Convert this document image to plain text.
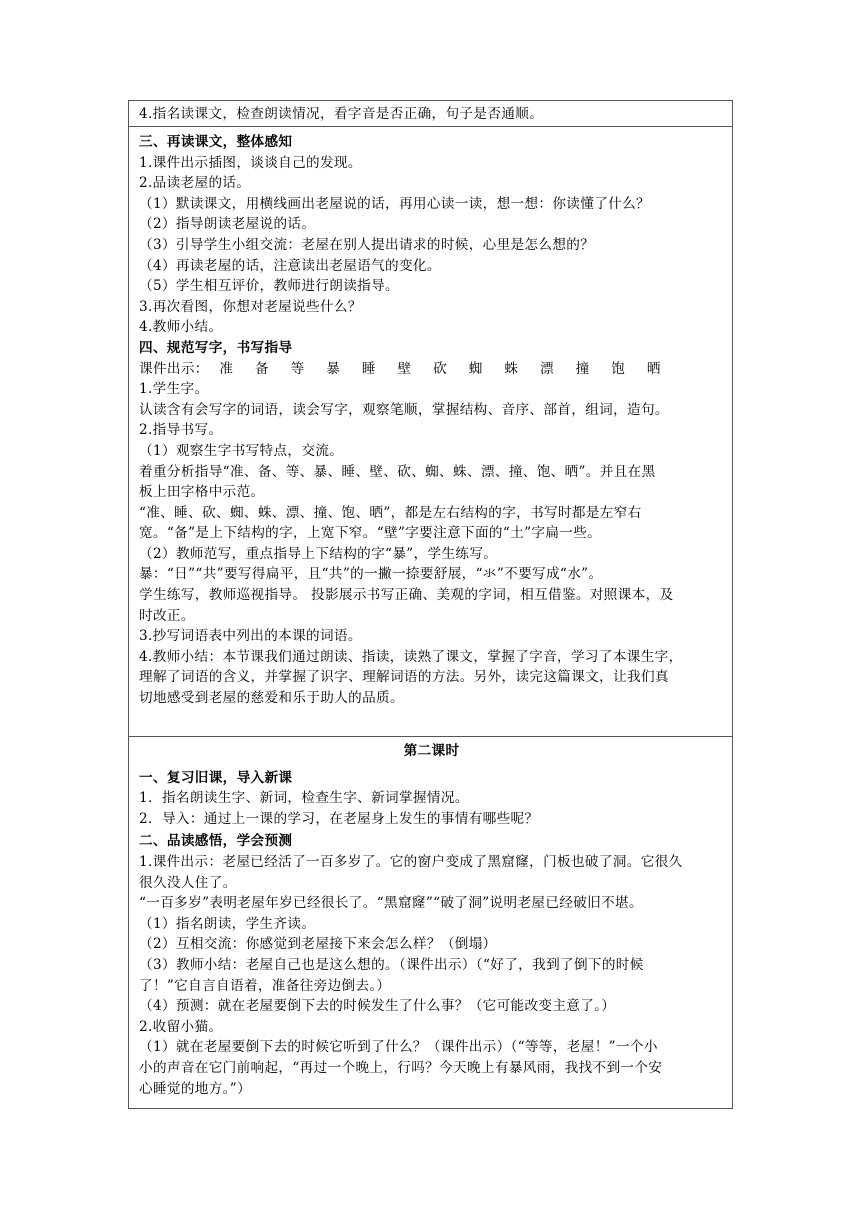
4.指名读课文，检查朗读情况，看字音是否正确，句子是否通顺。

三、再读课文，整体感知

1.课件出示插图，谈谈自己的发现。

2.品读老屋的话。

（1）默读课文，用横线画出老屋说的话，再用心读一读，想一想：你读懂了什么？

（2）指导朗读老屋说的话。

（3）引导学生小组交流：老屋在别人提出请求的时候，心里是怎么想的？

（4）再读老屋的话，注意读出老屋语气的变化。

（5）学生相互评价，教师进行朗读指导。

3.再次看图，你想对老屋说些什么？

4.教师小结。

四、规范写字，书写指导

课件出示： 准 备 等 暴 睡 壁 砍 蜘 蛛 漂 撞 饱 晒

1.学生字。

认读含有会写字的词语，读会写字，观察笔顺，掌握结构、音序、部首，组词，造句。

2.指导书写。

（1）观察生字书写特点，交流。

着重分析指导“准、备、等、暴、睡、壁、砍、蜘、蛛、漂、撞、饱、晒”。并且在黑

板上田字格中示范。

“准、睡、砍、蜘、蛛、漂、撞、饱、晒”，都是左右结构的字，书写时都是左窄右

宽。“备”是上下结构的字，上宽下窄。“壁”字要注意下面的“土”字扁一些。

（2）教师范写，重点指导上下结构的字“暴”，学生练写。

暴：“日”“共”要写得扁平，且“共”的一撇一捺要舒展，“氺”不要写成“水”。

学生练写，教师巡视指导。 投影展示书写正确、美观的字词，相互借鉴。对照课本，及

时改正。

3.抄写词语表中列出的本课的词语。

4.教师小结：本节课我们通过朗读、指读，读熟了课文，掌握了字音，学习了本课生字，

理解了词语的含义，并掌握了识字、理解词语的方法。另外，读完这篇课文，让我们真

切地感受到老屋的慈爱和乐于助人的品质。

第二课时

一、复习旧课，导入新课

1．指名朗读生字、新词，检查生字、新词掌握情况。

2．导入：通过上一课的学习，在老屋身上发生的事情有哪些呢？

二、品读感悟，学会预测

1.课件出示：老屋已经活了一百多岁了。它的窗户变成了黑窟窿，门板也破了洞。它很久

很久没人住了。

“一百多岁”表明老屋年岁已经很长了。“黑窟窿”“破了洞”说明老屋已经破旧不堪。

（1）指名朗读，学生齐读。

（2）互相交流：你感觉到老屋接下来会怎么样？（倒塌）

（3）教师小结：老屋自己也是这么想的。（课件出示）（“好了，我到了倒下的时候

了！”它自言自语着，准备往旁边倒去。）

（4）预测：就在老屋要倒下去的时候发生了什么事？（它可能改变主意了。）

2.收留小猫。

（1）就在老屋要倒下去的时候它听到了什么？（课件出示）（“等等，老屋！”一个小

小的声音在它门前响起，“再过一个晚上，行吗？今天晚上有暴风雨，我找不到一个安

心睡觉的地方。”）
